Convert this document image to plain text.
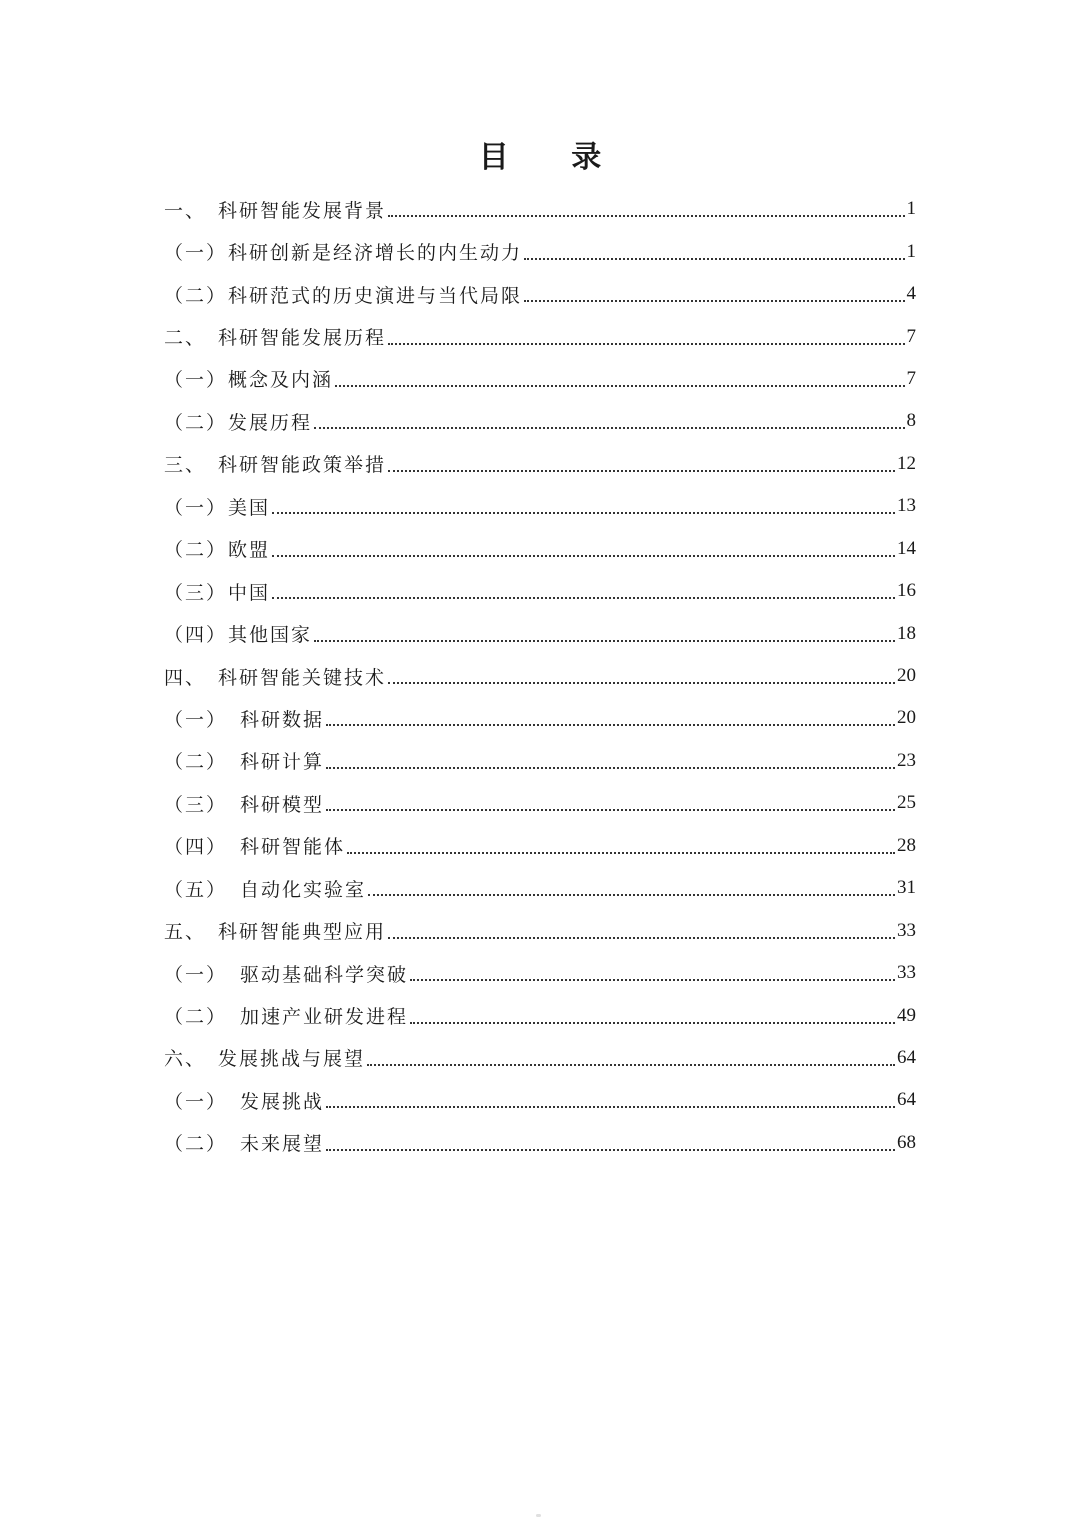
目 录
一、 科研智能发展背景	1
（一） 科研创新是经济增长的内生动力	1
（二） 科研范式的历史演进与当代局限	4
二、 科研智能发展历程	7
（一） 概念及内涵	7
（二） 发展历程	8
三、 科研智能政策举措	12
（一） 美国	13
（二） 欧盟	14
（三） 中国	16
（四） 其他国家	18
四、 科研智能关键技术	20
（一） 科研数据	20
（二） 科研计算	23
（三） 科研模型	25
（四） 科研智能体	28
（五） 自动化实验室	31
五、 科研智能典型应用	33
（一） 驱动基础科学突破	33
（二） 加速产业研发进程	49
六、 发展挑战与展望	64
（一） 发展挑战	64
（二） 未来展望	68
